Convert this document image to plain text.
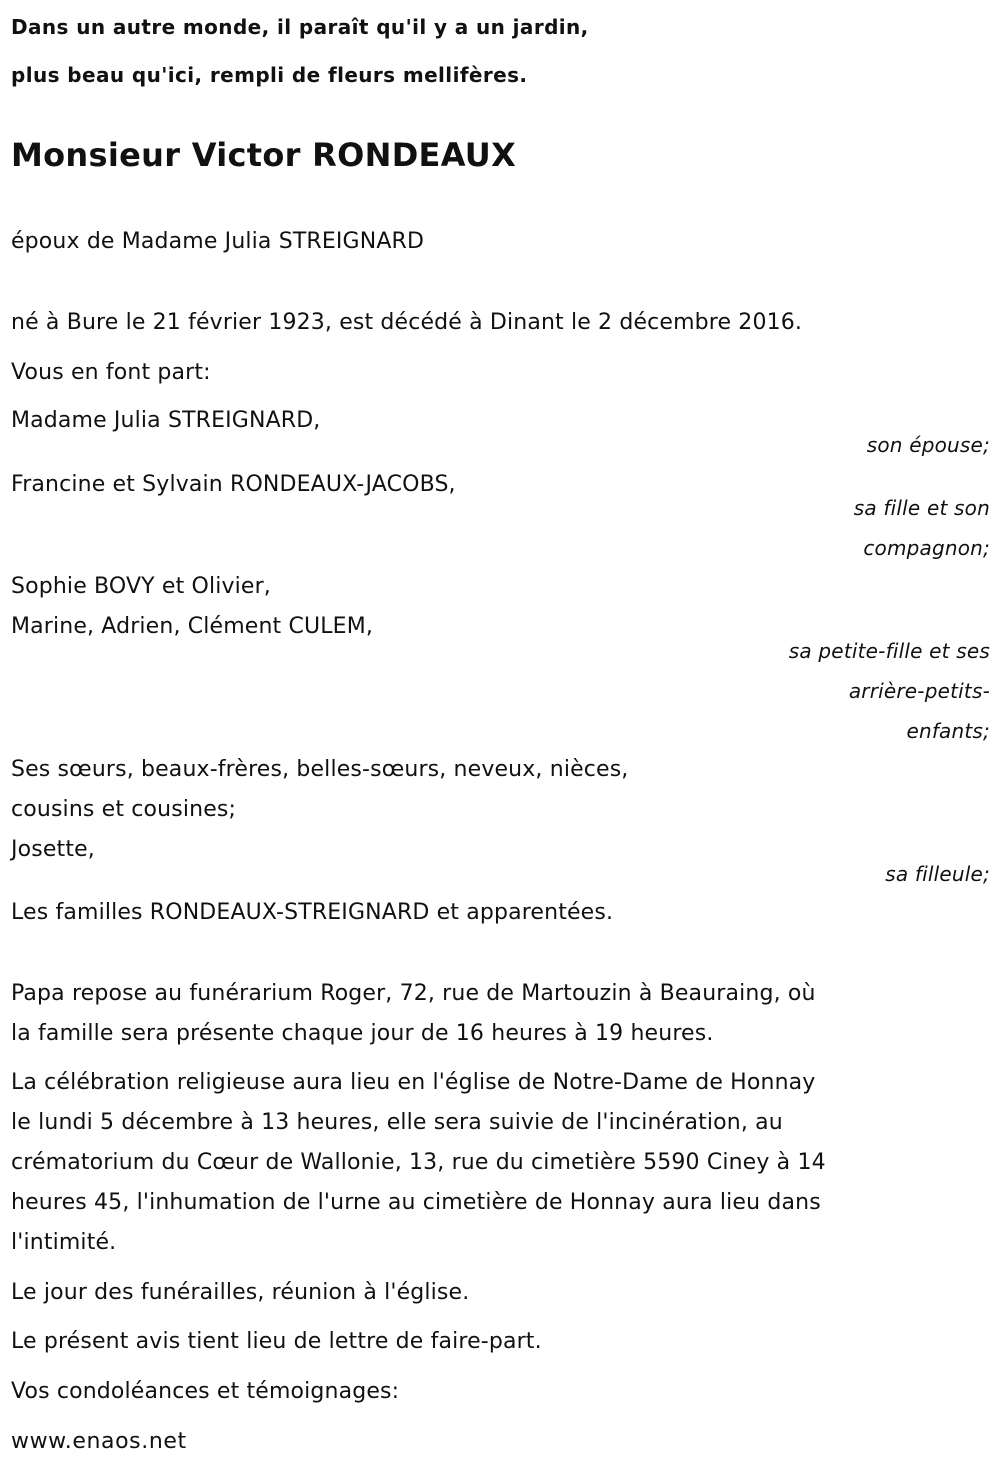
Dans un autre monde, il paraît qu'il y a un jardin,
plus beau qu'ici, rempli de fleurs mellifères.
Monsieur Victor RONDEAUX
époux de Madame Julia STREIGNARD
né à Bure le 21 février 1923, est décédé à Dinant le 2 décembre 2016.
Vous en font part:
Madame Julia STREIGNARD,
son épouse;
Francine et Sylvain RONDEAUX-JACOBS,
sa fille et son
compagnon;
Sophie BOVY et Olivier,
Marine, Adrien, Clément CULEM,
sa petite-fille et ses
arrière-petits-
enfants;
Ses sœurs, beaux-frères, belles-sœurs, neveux, nièces,
cousins et cousines;
Josette,
sa filleule;
Les familles RONDEAUX-STREIGNARD et apparentées.
Papa repose au funérarium Roger, 72, rue de Martouzin à Beauraing, où
la famille sera présente chaque jour de 16 heures à 19 heures.
La célébration religieuse aura lieu en l'église de Notre-Dame de Honnay
le lundi 5 décembre à 13 heures, elle sera suivie de l'incinération, au
crématorium du Cœur de Wallonie, 13, rue du cimetière 5590 Ciney à 14
heures 45, l'inhumation de l'urne au cimetière de Honnay aura lieu dans
l'intimité.
Le jour des funérailles, réunion à l'église.
Le présent avis tient lieu de lettre de faire-part.
Vos condoléances et témoignages:
www.enaos.net
